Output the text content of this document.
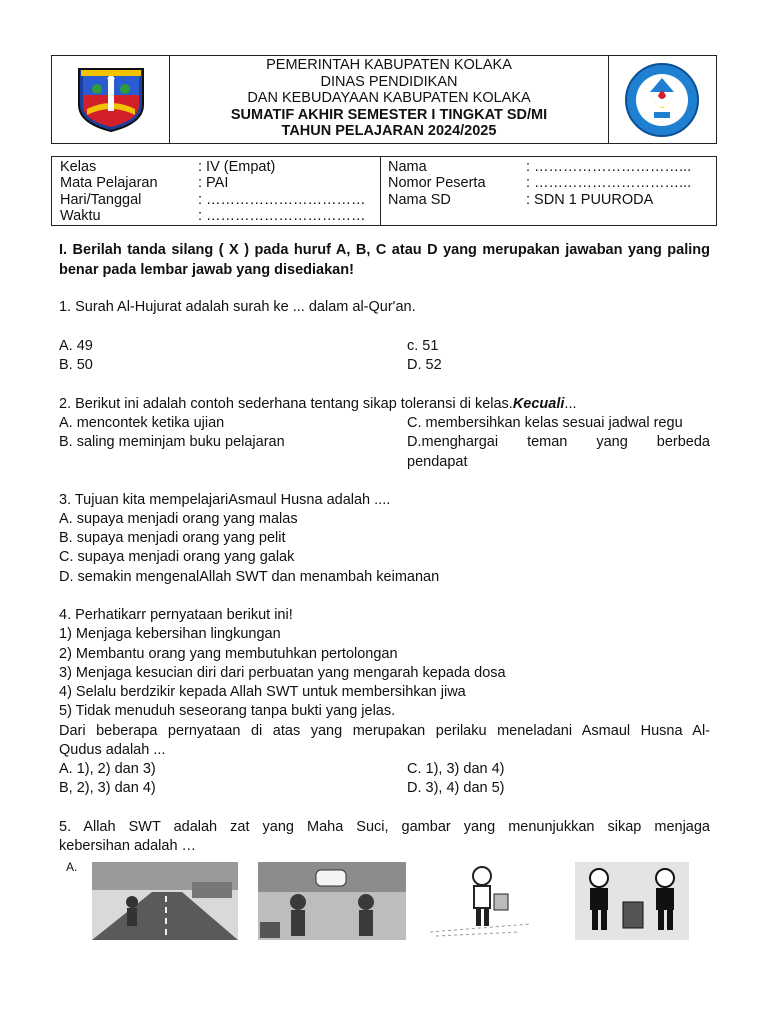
PEMERINTAH KABUPATEN KOLAKA
DINAS PENDIDIKAN
DAN KEBUDAYAAN KABUPATEN KOLAKA
SUMATIF AKHIR SEMESTER I TINGKAT SD/MI
TAHUN PELAJARAN 2024/2025
Kelas	: IV (Empat)
Mata Pelajaran	: PAI
Hari/Tanggal	: ……………………………
Waktu	: ……………………………
Nama	: …………………………...
Nomor Peserta	: …………………………...
Nama SD	: SDN 1 PUURODA
I. Berilah tanda silang ( X ) pada huruf A, B, C atau D yang merupakan jawaban yang paling benar pada lembar jawab yang disediakan!
1. Surah Al-Hujurat adalah surah ke ... dalam al-Qur'an.
A. 49	c. 51
B. 50	D. 52
2. Berikut ini adalah contoh sederhana tentang sikap toleransi di kelas.Kecuali...
A. mencontek ketika ujian	C. membersihkan kelas sesuai jadwal regu
B. saling meminjam buku pelajaran	D.menghargai teman yang berbeda
pendapat
3. Tujuan kita mempelajariAsmaul Husna adalah ....
A. supaya menjadi orang yang malas
B. supaya menjadi orang yang pelit
C. supaya menjadi orang yang galak
D. semakin mengenalAllah SWT dan menambah keimanan
4. Perhatikarr pernyataan berikut ini!
1) Menjaga kebersihan lingkungan
2) Membantu orang yang membutuhkan pertolongan
3) Menjaga kesucian diri dari perbuatan yang mengarah kepada dosa
4) Selalu berdzikir kepada Allah SWT untuk membersihkan jiwa
5) Tidak menuduh seseorang tanpa bukti yang jelas.
Dari beberapa pernyataan di atas yang merupakan perilaku meneladani Asmaul Husna Al-
Qudus adalah ...
A. 1), 2) dan 3)	C. 1), 3) dan 4)
B, 2), 3) dan 4)	D. 3), 4) dan 5)
5. Allah SWT adalah zat yang Maha Suci, gambar yang menunjukkan sikap menjaga
kebersihan adalah …
A.
